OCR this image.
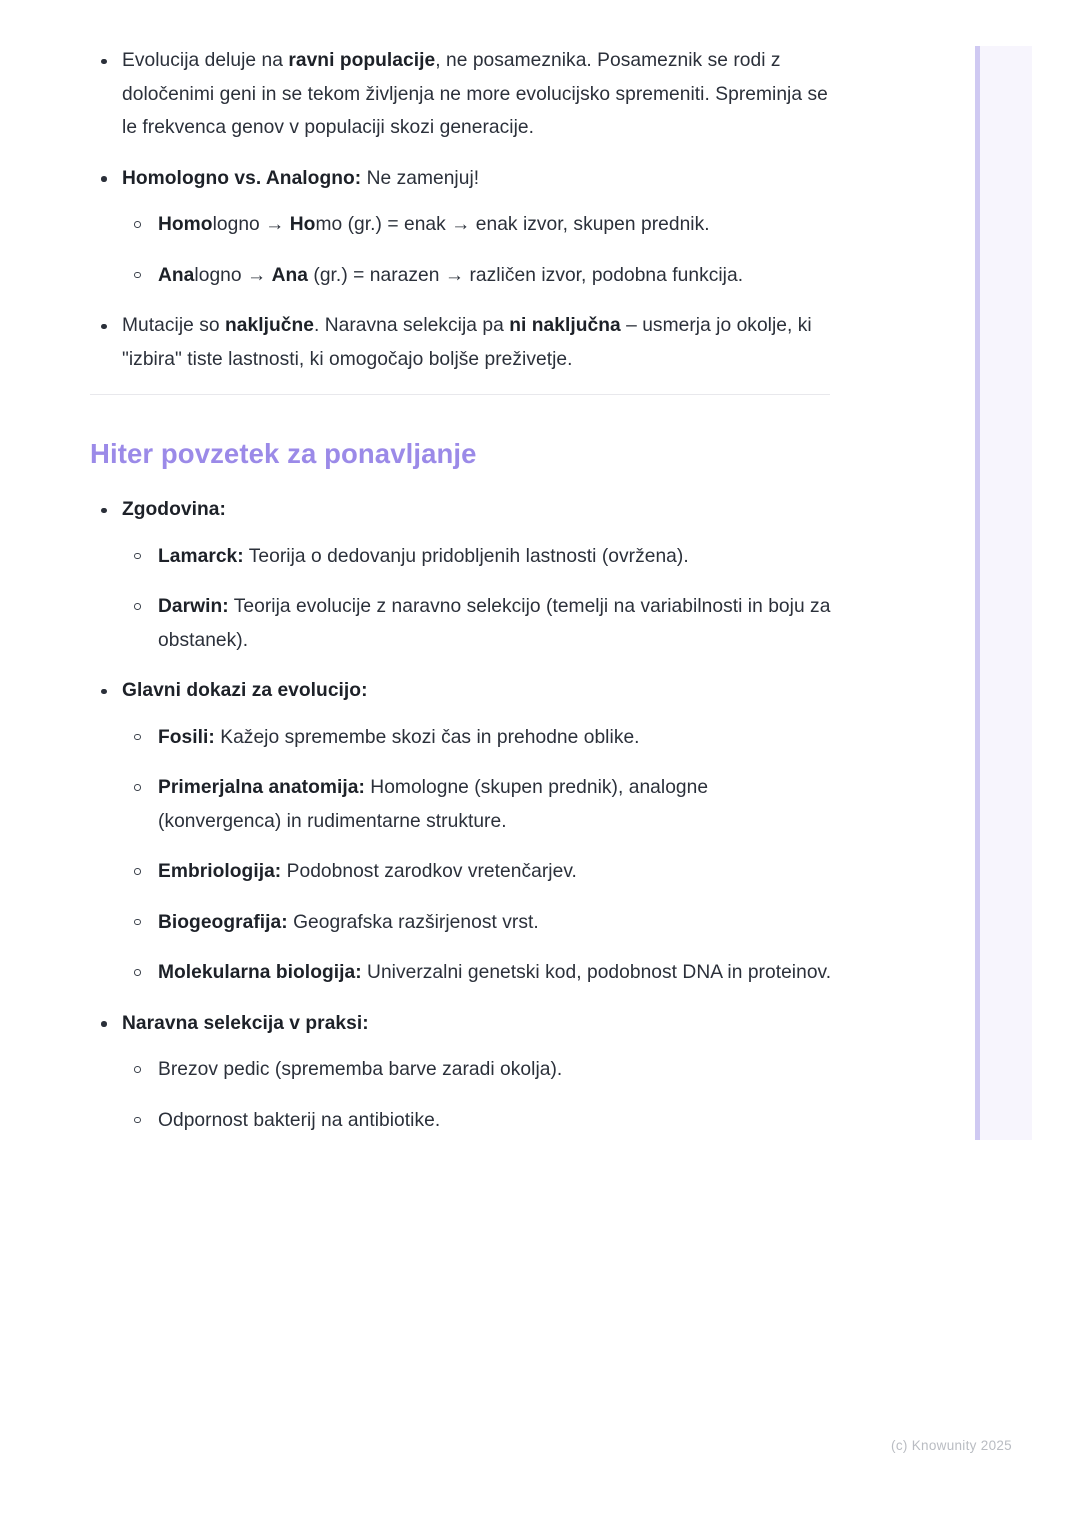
Evolucija deluje na ravni populacije, ne posameznika. Posameznik se rodi z določenimi geni in se tekom življenja ne more evolucijsko spremeniti. Spreminja se le frekvenca genov v populaciji skozi generacije.
Homologno vs. Analogno: Ne zamenjuj!
Homologno → Homo (gr.) = enak → enak izvor, skupen prednik.
Analogno → Ana (gr.) = narazen → različen izvor, podobna funkcija.
Mutacije so naključne. Naravna selekcija pa ni naključna – usmerja jo okolje, ki "izbira" tiste lastnosti, ki omogočajo boljše preživetje.
Hiter povzetek za ponavljanje
Zgodovina:
Lamarck: Teorija o dedovanju pridobljenih lastnosti (ovržena).
Darwin: Teorija evolucije z naravno selekcijo (temelji na variabilnosti in boju za obstanek).
Glavni dokazi za evolucijo:
Fosili: Kažejo spremembe skozi čas in prehodne oblike.
Primerjalna anatomija: Homologne (skupen prednik), analogne (konvergenca) in rudimentarne strukture.
Embriologija: Podobnost zarodkov vretenčarjev.
Biogeografija: Geografska razširjenost vrst.
Molekularna biologija: Univerzalni genetski kod, podobnost DNA in proteinov.
Naravna selekcija v praksi:
Brezov pedic (sprememba barve zaradi okolja).
Odpornost bakterij na antibiotike.
(c) Knowunity 2025
